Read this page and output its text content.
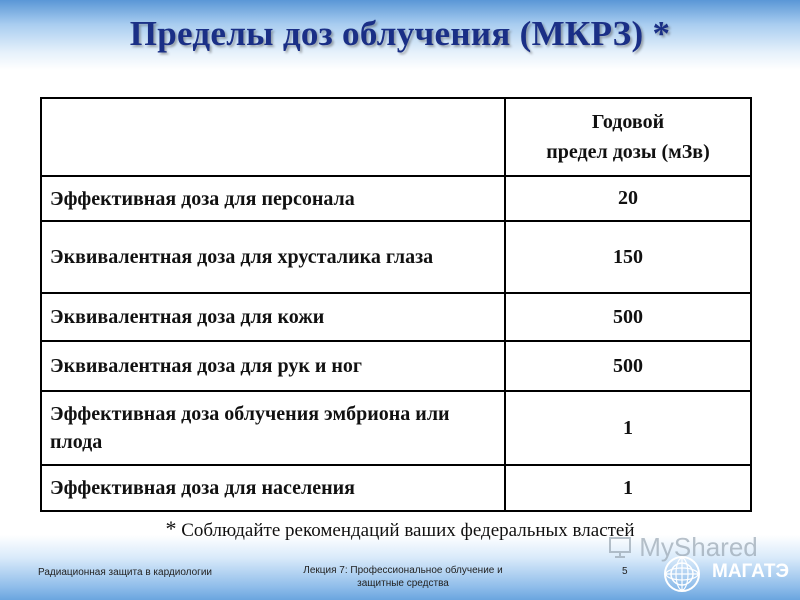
Пределы доз облучения (МКРЗ) *
	Годовой
предел дозы (мЗв)
Эффективная доза для персонала	20
Эквивалентная доза для хрусталика глаза	150
Эквивалентная доза для кожи	500
Эквивалентная доза для рук и ног	500
Эффективная доза облучения эмбриона или плода	1
Эффективная доза для населения	1
* Соблюдайте рекомендаций ваших федеральных властей
Радиационная защита в кардиологии	Лекция 7: Профессиональное облучение и
защитные средства
5
MyShared
МАГАТЭ
